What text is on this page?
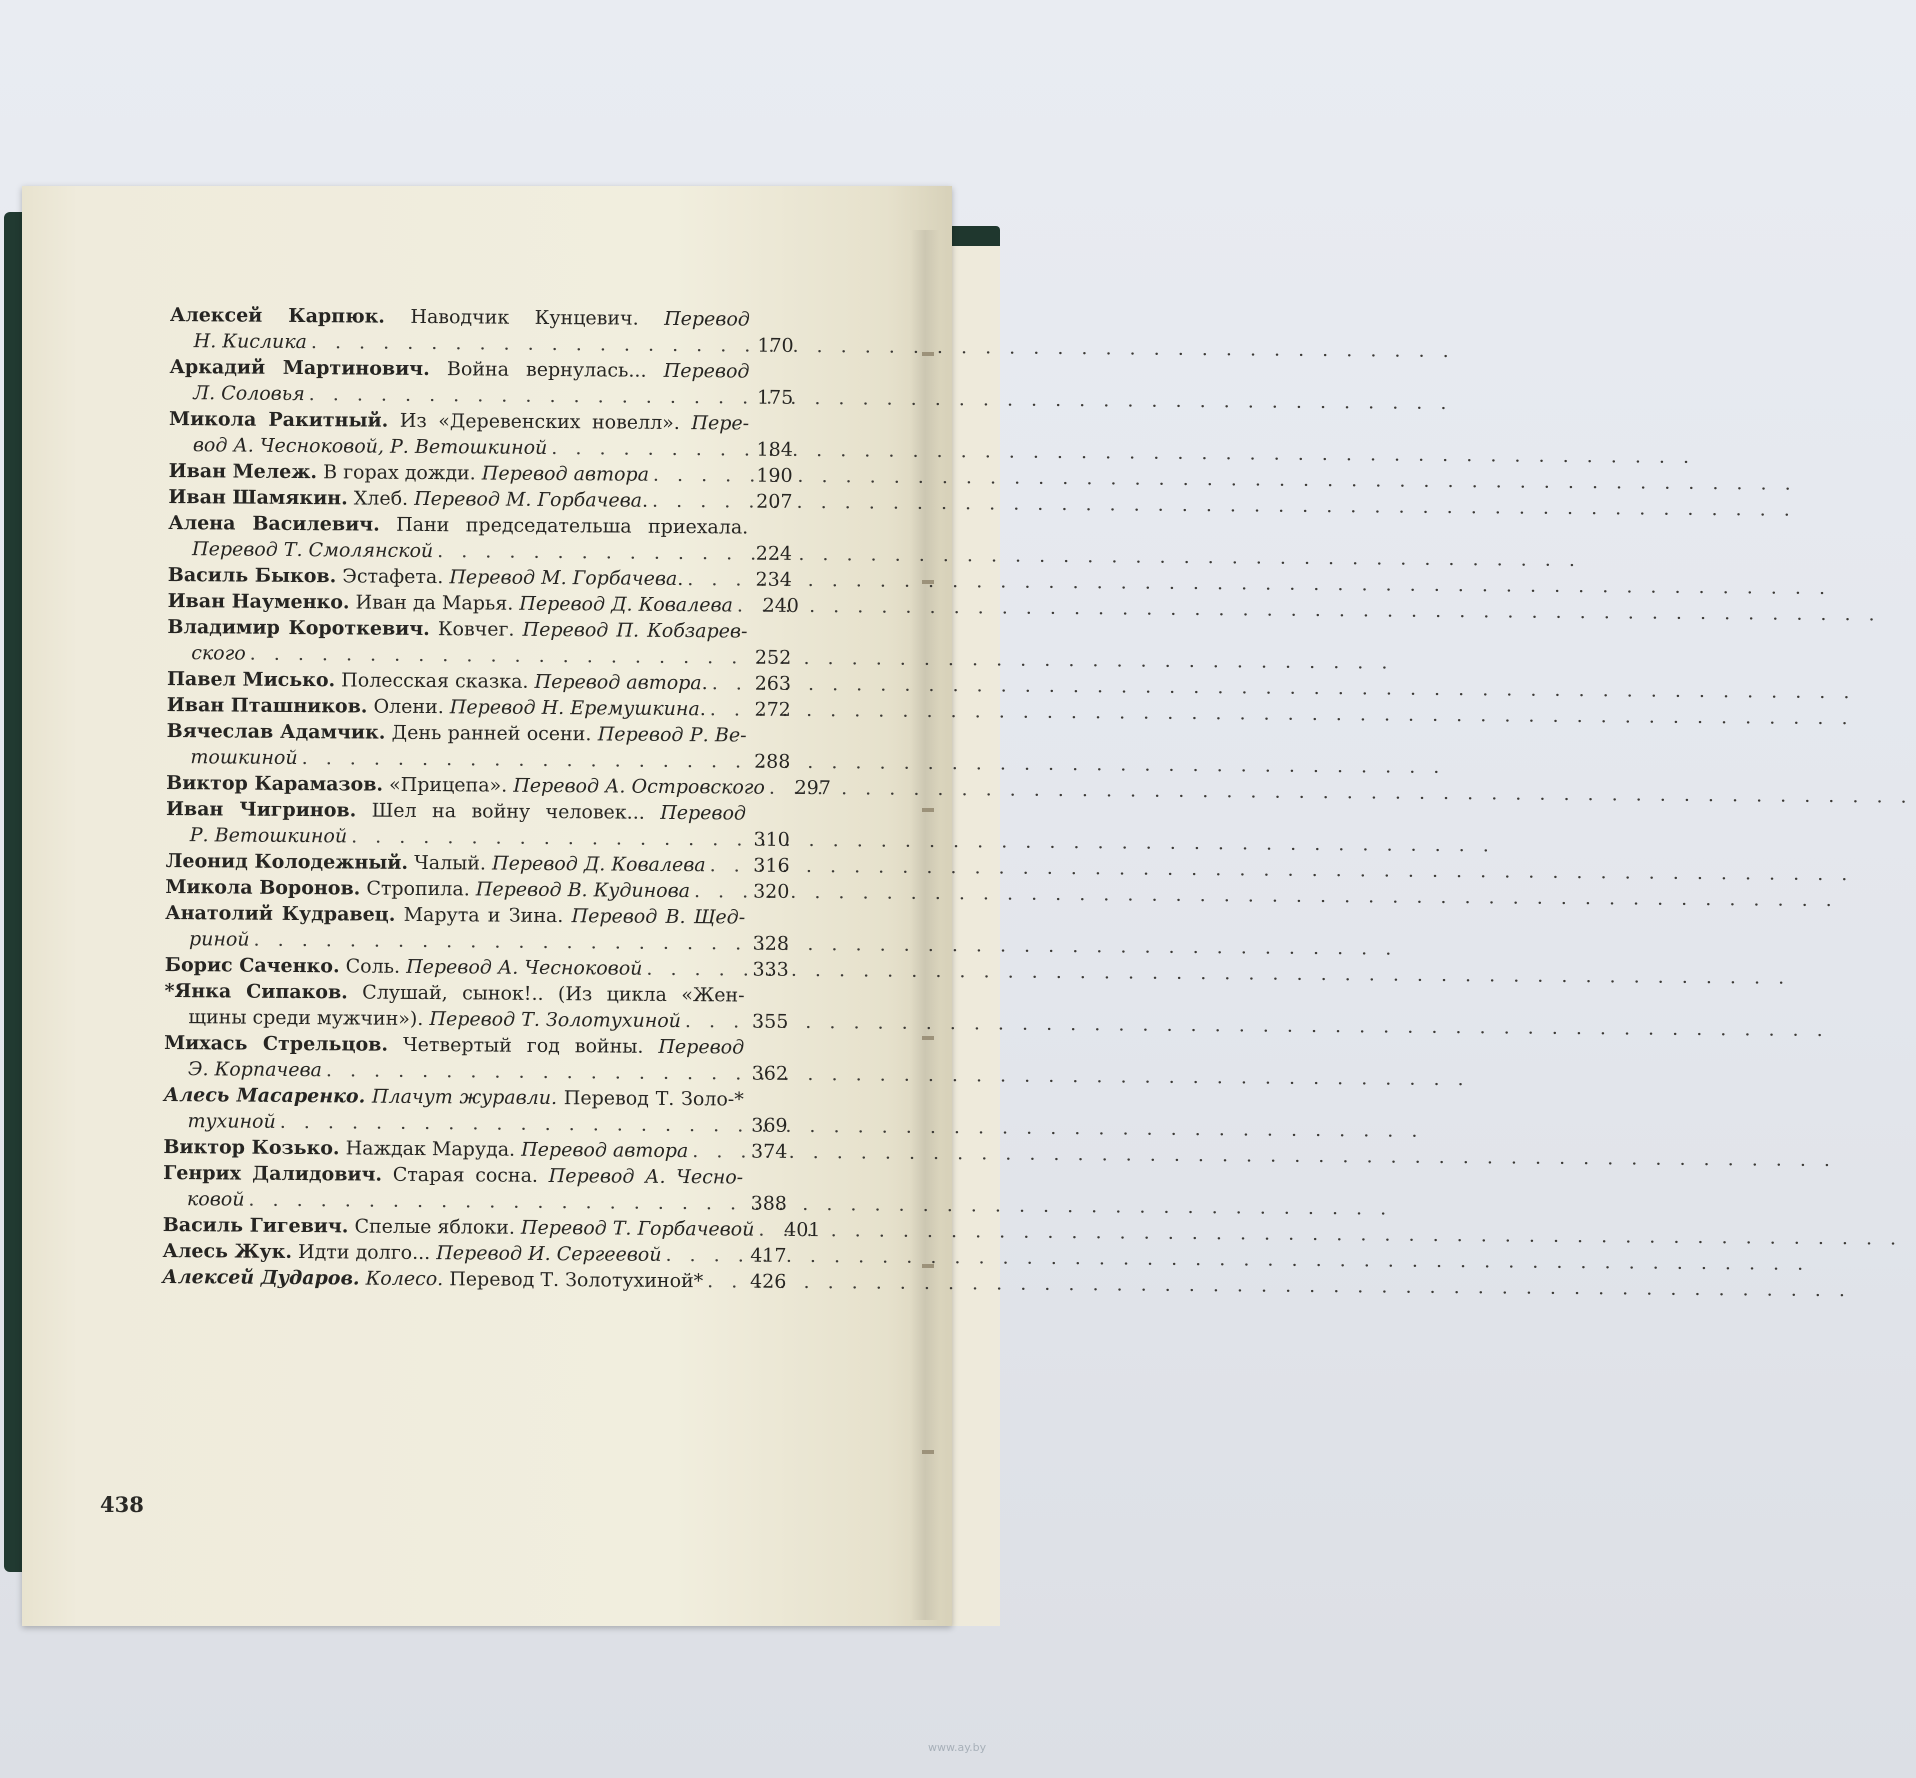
Алексей Карпюк. Наводчик Кунцевич. Перевод
Н. Кислика . . .	170
Аркадий Мартинович. Война вернулась... Перевод
Л. Соловья . . .	175
Микола Ракитный. Из «Деревенских новелл». Пере-
вод А. Чесноковой, Р. Ветошкиной . . .	184
Иван Мележ. В горах дожди. Перевод автора . . .	190
Иван Шамякин. Хлеб. Перевод М. Горбачева. . . .	207
Алена Василевич. Пани председательша приехала.
Перевод Т. Смолянской . . .	224
Василь Быков. Эстафета. Перевод М. Горбачева. . . .	234
Иван Науменко. Иван да Марья. Перевод Д. Ковалева . . .	240
Владимир Короткевич. Ковчег. Перевод П. Кобзарев-
ского . . .	252
Павел Мисько. Полесская сказка. Перевод автора. . . .	263
Иван Пташников. Олени. Перевод Н. Еремушкина. . . .	272
Вячеслав Адамчик. День ранней осени. Перевод Р. Ве-
тошкиной . . .	288
Виктор Карамазов. «Прицепа». Перевод А. Островского . . .	297
Иван Чигринов. Шел на войну человек... Перевод
Р. Ветошкиной . . .	310
Леонид Колодежный. Чалый. Перевод Д. Ковалева . . .	316
Микола Воронов. Стропила. Перевод В. Кудинова . . .	320
Анатолий Кудравец. Марута и Зина. Перевод В. Щед-
риной . . .	328
Борис Саченко. Соль. Перевод А. Чесноковой . . .	333
*Янка Сипаков. Слушай, сынок!.. (Из цикла «Жен-
щины среди мужчин»). Перевод Т. Золотухиной . . .	355
Михась Стрельцов. Четвертый год войны. Перевод
Э. Корпачева . . .	362
Алесь Масаренко. Плачут журавли. Перевод Т. Золо-*
тухиной . . .	369
Виктор Козько. Наждак Маруда. Перевод автора . . .	374
Генрих Далидович. Старая сосна. Перевод А. Чесно-
ковой . . .	388
Василь Гигевич. Спелые яблоки. Перевод Т. Горбачевой . . .	401
Алесь Жук. Идти долго... Перевод И. Сергеевой . . .	417
Алексей Дударов. Колесо. Перевод Т. Золотухиной* . . .	426
438
www.ay.by
